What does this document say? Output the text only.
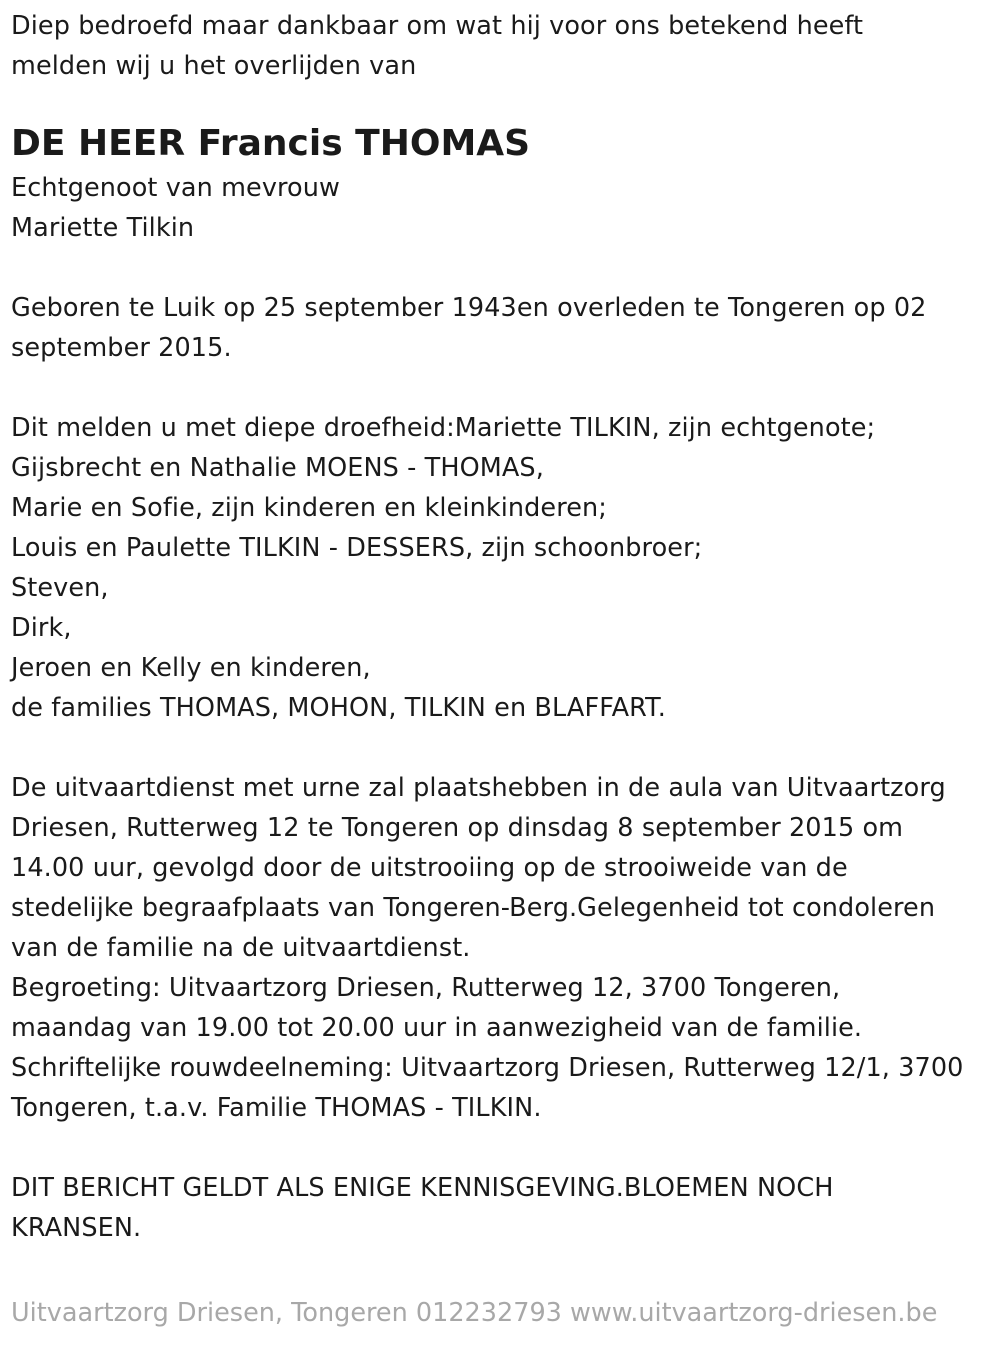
Diep bedroefd maar dankbaar om wat hij voor ons betekend heeft
melden wij u het overlijden van
DE HEER Francis THOMAS
Echtgenoot van mevrouw
Mariette Tilkin
Geboren te Luik op 25 september 1943en overleden te Tongeren op 02
september 2015.
Dit melden u met diepe droefheid:Mariette TILKIN, zijn echtgenote;
Gijsbrecht en Nathalie MOENS - THOMAS,
Marie en Sofie, zijn kinderen en kleinkinderen;
Louis en Paulette TILKIN - DESSERS, zijn schoonbroer;
Steven,
Dirk,
Jeroen en Kelly en kinderen,
de families THOMAS, MOHON, TILKIN en BLAFFART.
De uitvaartdienst met urne zal plaatshebben in de aula van Uitvaartzorg
Driesen, Rutterweg 12 te Tongeren op dinsdag 8 september 2015 om
14.00 uur, gevolgd door de uitstrooiing op de strooiweide van de
stedelijke begraafplaats van Tongeren-Berg.Gelegenheid tot condoleren
van de familie na de uitvaartdienst.
Begroeting: Uitvaartzorg Driesen, Rutterweg 12, 3700 Tongeren,
maandag van 19.00 tot 20.00 uur in aanwezigheid van de familie.
Schriftelijke rouwdeelneming: Uitvaartzorg Driesen, Rutterweg 12/1, 3700
Tongeren, t.a.v. Familie THOMAS - TILKIN.
DIT BERICHT GELDT ALS ENIGE KENNISGEVING.BLOEMEN NOCH
KRANSEN.
Uitvaartzorg Driesen, Tongeren 012232793 www.uitvaartzorg-driesen.be
